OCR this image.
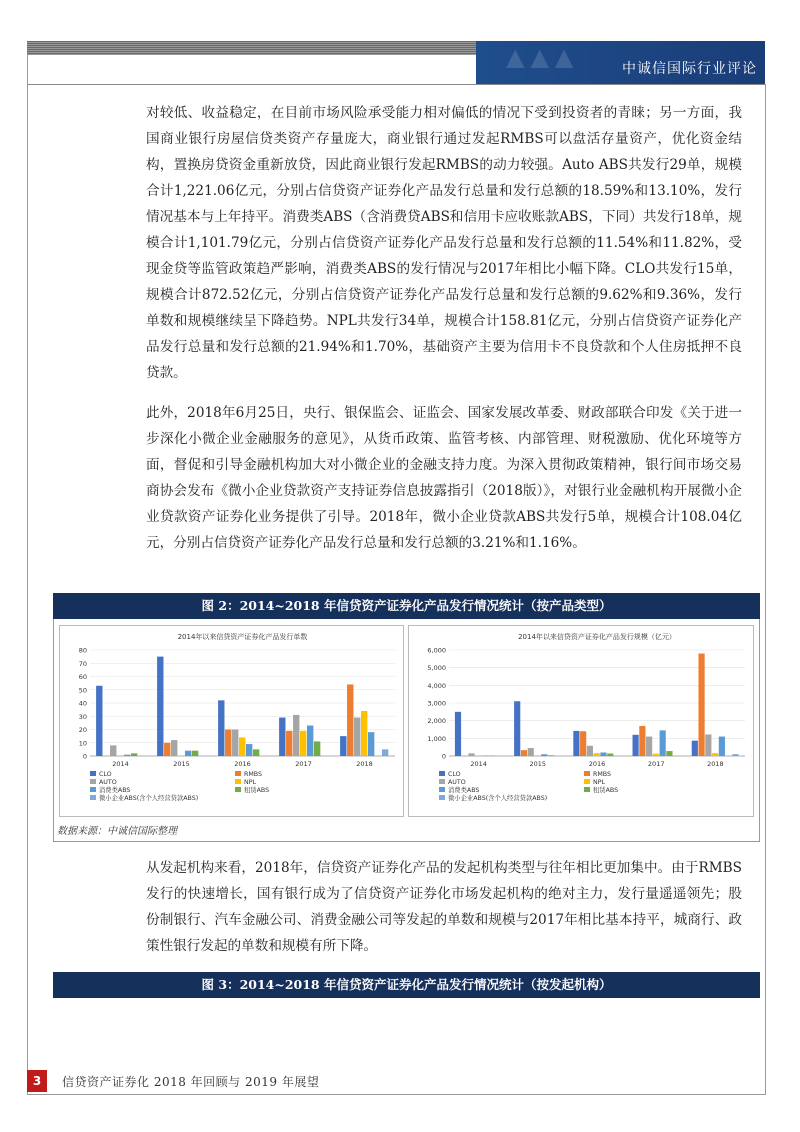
▲▲▲	中诚信国际行业评论

对较低、收益稳定，在目前市场风险承受能力相对偏低的情况下受到投资者的青睐；另一方面，我国商业银行房屋信贷类资产存量庞大，商业银行通过发起RMBS可以盘活存量资产，优化资金结构，置换房贷资金重新放贷，因此商业银行发起RMBS的动力较强。Auto ABS共发行29单，规模合计1,221.06亿元，分别占信贷资产证券化产品发行总量和发行总额的18.59%和13.10%，发行情况基本与上年持平。消费类ABS（含消费贷ABS和信用卡应收账款ABS，下同）共发行18单，规模合计1,101.79亿元，分别占信贷资产证券化产品发行总量和发行总额的11.54%和11.82%，受现金贷等监管政策趋严影响，消费类ABS的发行情况与2017年相比小幅下降。CLO共发行15单，规模合计872.52亿元，分别占信贷资产证券化产品发行总量和发行总额的9.62%和9.36%，发行单数和规模继续呈下降趋势。NPL共发行34单，规模合计158.81亿元，分别占信贷资产证券化产品发行总量和发行总额的21.94%和1.70%，基础资产主要为信用卡不良贷款和个人住房抵押不良贷款。

此外，2018年6月25日，央行、银保监会、证监会、国家发展改革委、财政部联合印发《关于进一步深化小微企业金融服务的意见》，从货币政策、监管考核、内部管理、财税激励、优化环境等方面，督促和引导金融机构加大对小微企业的金融支持力度。为深入贯彻政策精神，银行间市场交易商协会发布《微小企业贷款资产支持证券信息披露指引（2018版）》，对银行业金融机构开展微小企业贷款资产证券化业务提供了引导。2018年，微小企业贷款ABS共发行5单，规模合计108.04亿元，分别占信贷资产证券化产品发行总量和发行总额的3.21%和1.16%。

图 2：2014~2018 年信贷资产证券化产品发行情况统计（按产品类型）
2014年以来信贷资产证券化产品发行单数
0
10
20
30
40
50
60
70
80
2014	2015	2016	2017	2018
CLO	RMBS
AUTO	NPL
消费类ABS	租赁ABS
微小企业ABS(含个人经营贷款ABS)
2014年以来信贷资产证券化产品发行规模（亿元）
0
1,000
2,000
3,000
4,000
5,000
6,000
2014	2015	2016	2017	2018
CLO	RMBS
AUTO	NPL
消费类ABS	租赁ABS
微小企业ABS(含个人经营贷款ABS)
数据来源：中诚信国际整理

从发起机构来看，2018年，信贷资产证券化产品的发起机构类型与往年相比更加集中。由于RMBS发行的快速增长，国有银行成为了信贷资产证券化市场发起机构的绝对主力，发行量遥遥领先；股份制银行、汽车金融公司、消费金融公司等发起的单数和规模与2017年相比基本持平，城商行、政策性银行发起的单数和规模有所下降。

图 3：2014~2018 年信贷资产证券化产品发行情况统计（按发起机构）
3	信贷资产证券化 2018 年回顾与 2019 年展望
